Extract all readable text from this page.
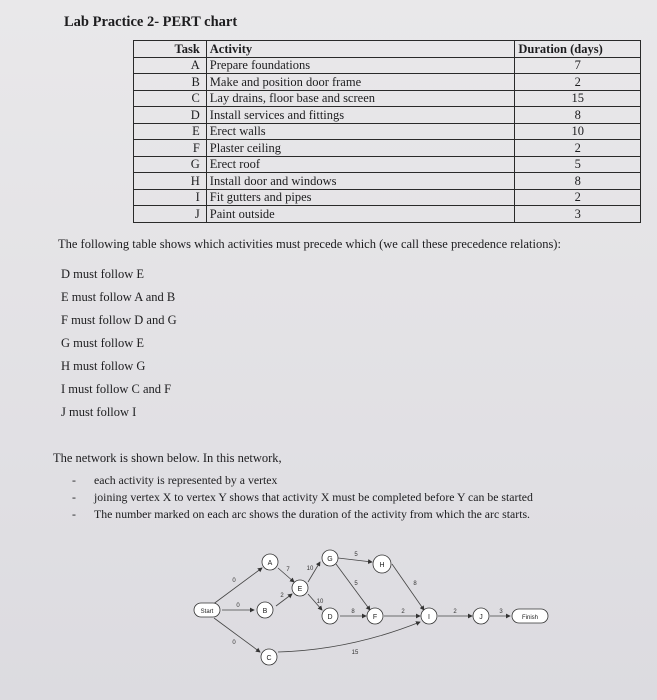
Lab Practice 2- PERT chart
Task	Activity	Duration (days)
A	Prepare foundations	7
B	Make and position door frame	2
C	Lay drains, floor base and screen	15
D	Install services and fittings	8
E	Erect walls	10
F	Plaster ceiling	2
G	Erect roof	5
H	Install door and windows	8
I	Fit gutters and pipes	2
J	Paint outside	3
The following table shows which activities must precede which (we call these precedence relations):
D must follow E
E must follow A and B
F must follow D and G
G must follow E
H must follow G
I must follow C and F
J must follow I
The network is shown below. In this network,
- each activity is represented by a vertex
- joining vertex X to vertex Y shows that activity X must be completed before Y can be started
- The number marked on each arc shows the duration of the activity from which the arc starts.
Start
A
B
C
E
G
D
H
F	I	J	Finish
0
0
0
7
2
10
10
5
5
8
15
2
8
2	3
